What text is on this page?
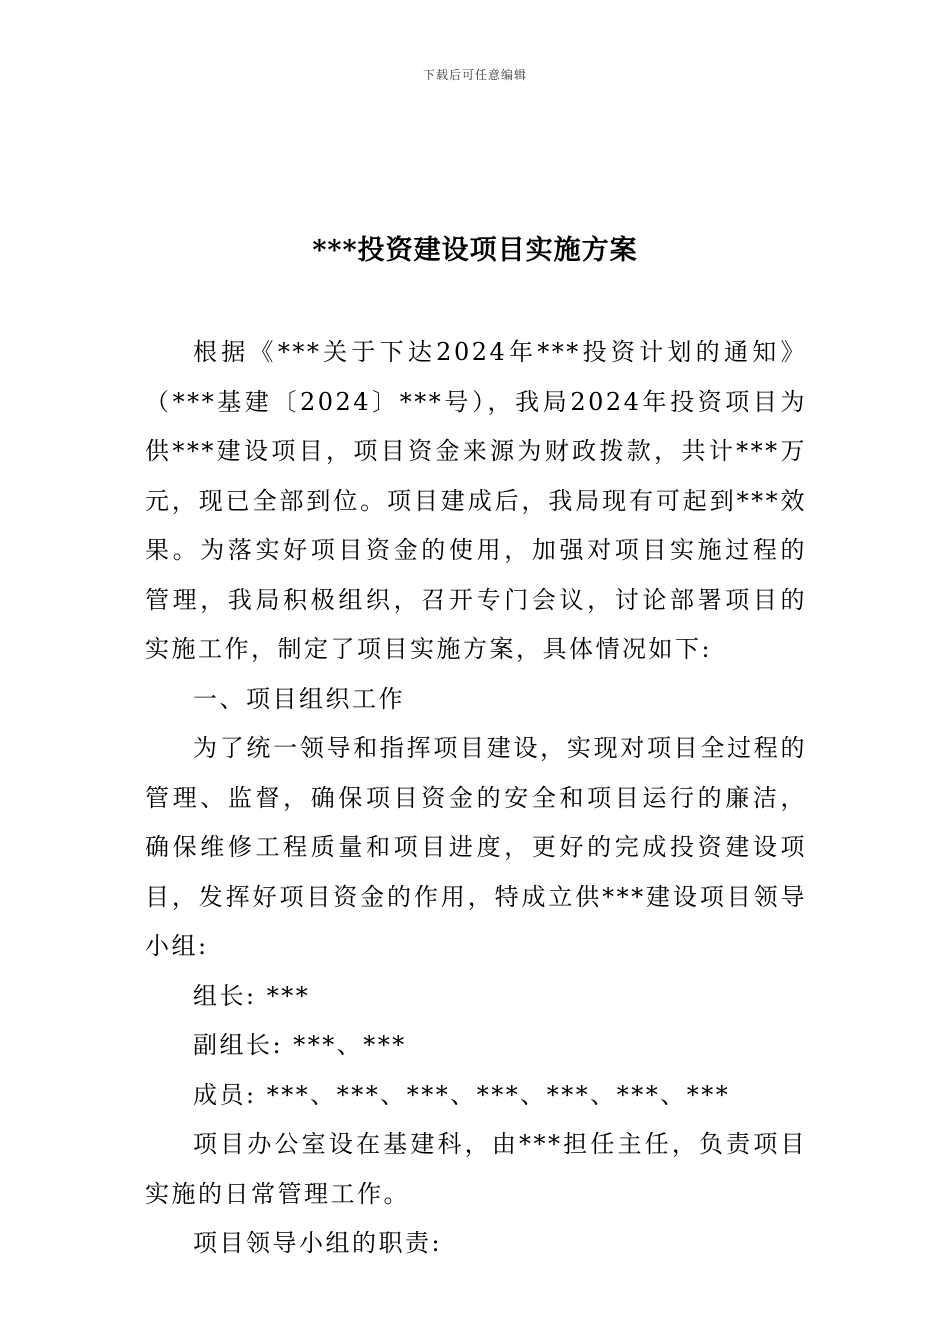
下载后可任意编辑
***投资建设项目实施方案

根据《***关于下达2024年***投资计划的通知》（***基建〔2024〕***号），我局2024年投资项目为供***建设项目，项目资金来源为财政拨款，共计***万元，现已全部到位。项目建成后，我局现有可起到***效果。为落实好项目资金的使用，加强对项目实施过程的管理，我局积极组织，召开专门会议，讨论部署项目的实施工作，制定了项目实施方案，具体情况如下:

一、项目组织工作

为了统一领导和指挥项目建设，实现对项目全过程的管理、监督，确保项目资金的安全和项目运行的廉洁，确保维修工程质量和项目进度，更好的完成投资建设项目，发挥好项目资金的作用，特成立供***建设项目领导小组:

组长: ***

副组长: ***、***

成员: ***、***、***、***、***、***、***

项目办公室设在基建科，由***担任主任，负责项目实施的日常管理工作。

项目领导小组的职责:
